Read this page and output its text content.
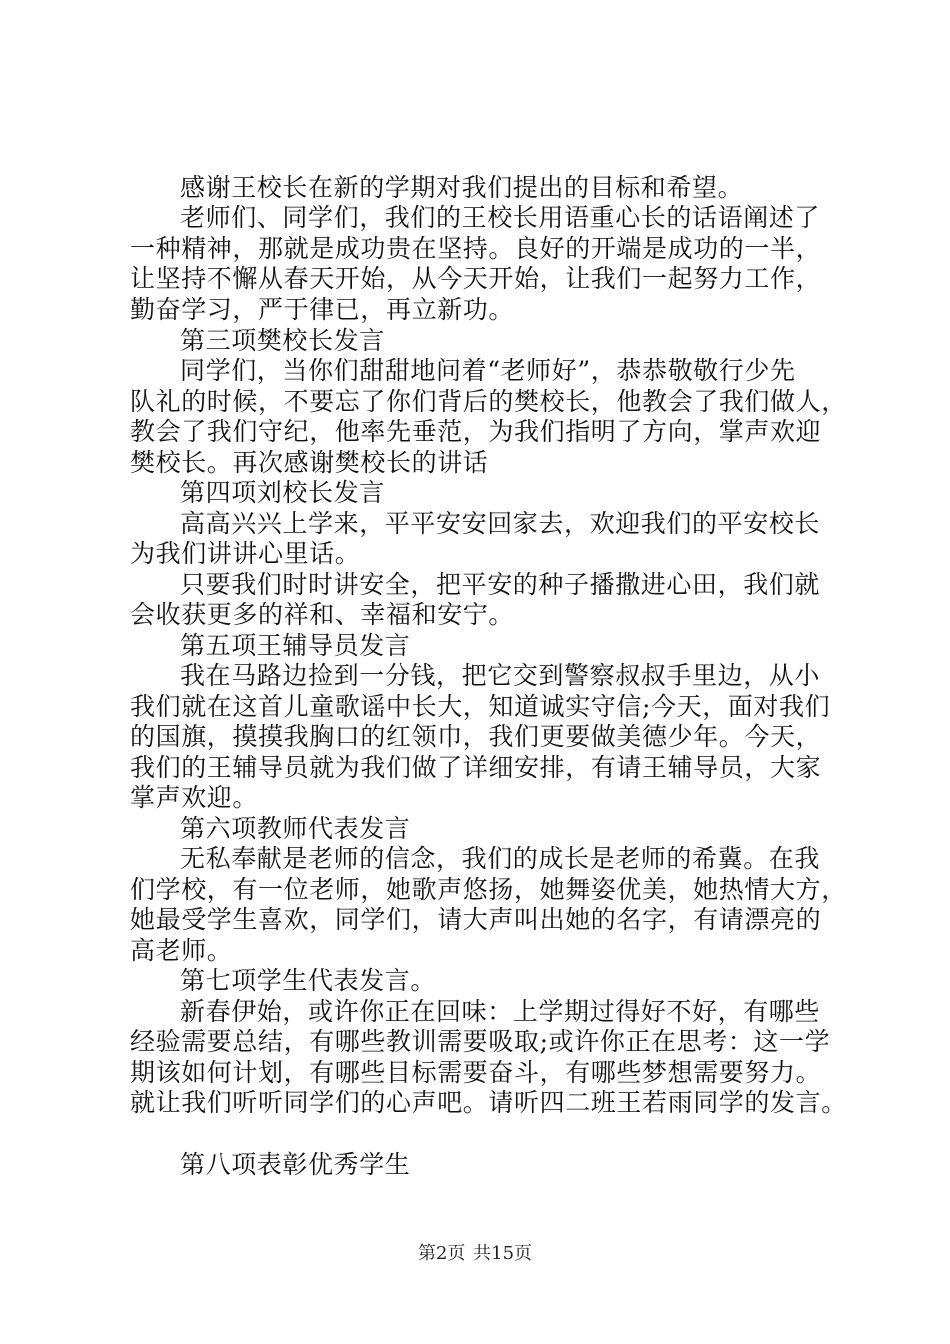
感谢王校长在新的学期对我们提出的目标和希望。
老师们、同学们，我们的王校长用语重心长的话语阐述了
一种精神，那就是成功贵在坚持。良好的开端是成功的一半，
让坚持不懈从春天开始，从今天开始，让我们一起努力工作，
勤奋学习，严于律已，再立新功。
第三项樊校长发言
同学们，当你们甜甜地问着“老师好”，恭恭敬敬行少先
队礼的时候，不要忘了你们背后的樊校长，他教会了我们做人，
教会了我们守纪，他率先垂范，为我们指明了方向，掌声欢迎
樊校长。再次感谢樊校长的讲话
第四项刘校长发言
高高兴兴上学来，平平安安回家去，欢迎我们的平安校长
为我们讲讲心里话。
只要我们时时讲安全，把平安的种子播撒进心田，我们就
会收获更多的祥和、幸福和安宁。
第五项王辅导员发言
我在马路边捡到一分钱，把它交到警察叔叔手里边，从小
我们就在这首儿童歌谣中长大，知道诚实守信;今天，面对我们
的国旗，摸摸我胸口的红领巾，我们更要做美德少年。今天，
我们的王辅导员就为我们做了详细安排，有请王辅导员，大家
掌声欢迎。
第六项教师代表发言
无私奉献是老师的信念，我们的成长是老师的希冀。在我
们学校，有一位老师，她歌声悠扬，她舞姿优美，她热情大方，
她最受学生喜欢，同学们，请大声叫出她的名字，有请漂亮的
高老师。
第七项学生代表发言。
新春伊始，或许你正在回味：上学期过得好不好，有哪些
经验需要总结，有哪些教训需要吸取;或许你正在思考：这一学
期该如何计划，有哪些目标需要奋斗，有哪些梦想需要努力。
就让我们听听同学们的心声吧。请听四二班王若雨同学的发言。
第八项表彰优秀学生
第2页 共15页
